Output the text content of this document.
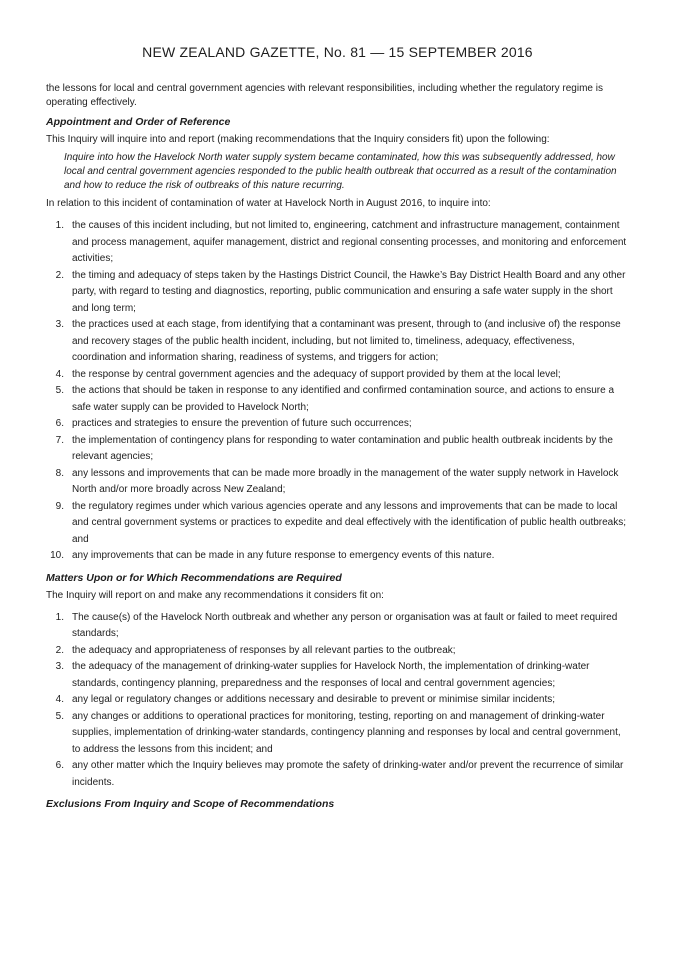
NEW ZEALAND GAZETTE, No. 81 — 15 SEPTEMBER 2016

the lessons for local and central government agencies with relevant responsibilities, including whether the regulatory regime is operating effectively.

Appointment and Order of Reference

This Inquiry will inquire into and report (making recommendations that the Inquiry considers fit) upon the following:

Inquire into how the Havelock North water supply system became contaminated, how this was subsequently addressed, how local and central government agencies responded to the public health outbreak that occurred as a result of the contamination and how to reduce the risk of outbreaks of this nature recurring.

In relation to this incident of contamination of water at Havelock North in August 2016, to inquire into:

1. the causes of this incident including, but not limited to, engineering, catchment and infrastructure management, containment and process management, aquifer management, district and regional consenting processes, and monitoring and enforcement activities;
2. the timing and adequacy of steps taken by the Hastings District Council, the Hawke’s Bay District Health Board and any other party, with regard to testing and diagnostics, reporting, public communication and ensuring a safe water supply in the short and long term;
3. the practices used at each stage, from identifying that a contaminant was present, through to (and inclusive of) the response and recovery stages of the public health incident, including, but not limited to, timeliness, adequacy, effectiveness, coordination and information sharing, readiness of systems, and triggers for action;
4. the response by central government agencies and the adequacy of support provided by them at the local level;
5. the actions that should be taken in response to any identified and confirmed contamination source, and actions to ensure a safe water supply can be provided to Havelock North;
6. practices and strategies to ensure the prevention of future such occurrences;
7. the implementation of contingency plans for responding to water contamination and public health outbreak incidents by the relevant agencies;
8. any lessons and improvements that can be made more broadly in the management of the water supply network in Havelock North and/or more broadly across New Zealand;
9. the regulatory regimes under which various agencies operate and any lessons and improvements that can be made to local and central government systems or practices to expedite and deal effectively with the identification of public health outbreaks; and
10. any improvements that can be made in any future response to emergency events of this nature.
Matters Upon or for Which Recommendations are Required

The Inquiry will report on and make any recommendations it considers fit on:

1. The cause(s) of the Havelock North outbreak and whether any person or organisation was at fault or failed to meet required standards;
2. the adequacy and appropriateness of responses by all relevant parties to the outbreak;
3. the adequacy of the management of drinking-water supplies for Havelock North, the implementation of drinking-water standards, contingency planning, preparedness and the responses of local and central government agencies;
4. any legal or regulatory changes or additions necessary and desirable to prevent or minimise similar incidents;
5. any changes or additions to operational practices for monitoring, testing, reporting on and management of drinking-water supplies, implementation of drinking-water standards, contingency planning and responses by local and central government, to address the lessons from this incident; and
6. any other matter which the Inquiry believes may promote the safety of drinking-water and/or prevent the recurrence of similar incidents.
Exclusions From Inquiry and Scope of Recommendations
